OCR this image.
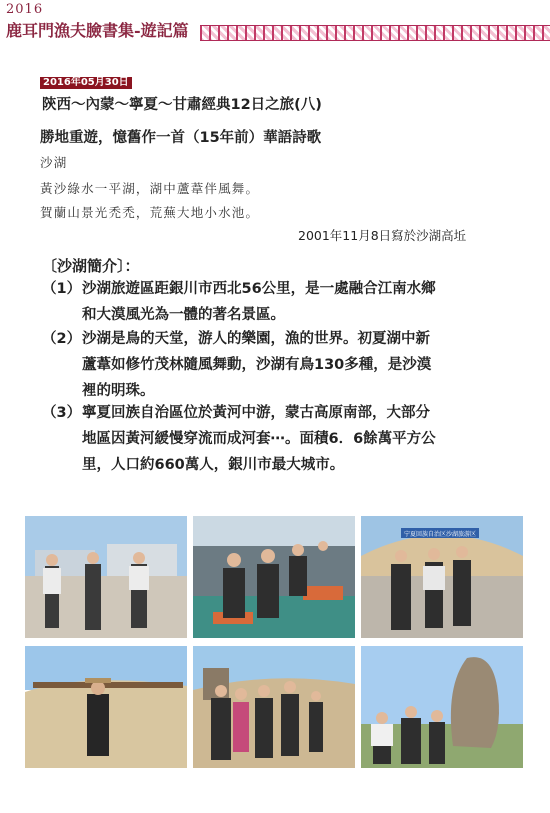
2016
鹿耳門漁夫臉書集-遊記篇
2016年05月30日
陝西～內蒙～寧夏～甘肅經典12日之旅(八)
勝地重遊，憶舊作一首（15年前）華語詩歌
沙湖
黃沙綠水一平湖，湖中蘆葦伴風舞。
賀蘭山景光禿禿，荒蕪大地小水池。
2001年11月8日寫於沙湖高坵
〔沙湖簡介〕：
（1）沙湖旅遊區距銀川市西北56公里，是一處融合江南水鄉
和大漠風光為一體的著名景區。
（2）沙湖是鳥的天堂，游人的樂園，漁的世界。初夏湖中新
蘆葦如修竹茂林隨風舞動，沙湖有鳥130多種，是沙漠
裡的明珠。
（3）寧夏回族自治區位於黃河中游，蒙古高原南部，大部分
地區因黃河緩慢穿流而成河套⋯。面積6．6餘萬平方公
里，人口約660萬人，銀川市最大城市。
宁夏回族自治区沙湖旅游区
